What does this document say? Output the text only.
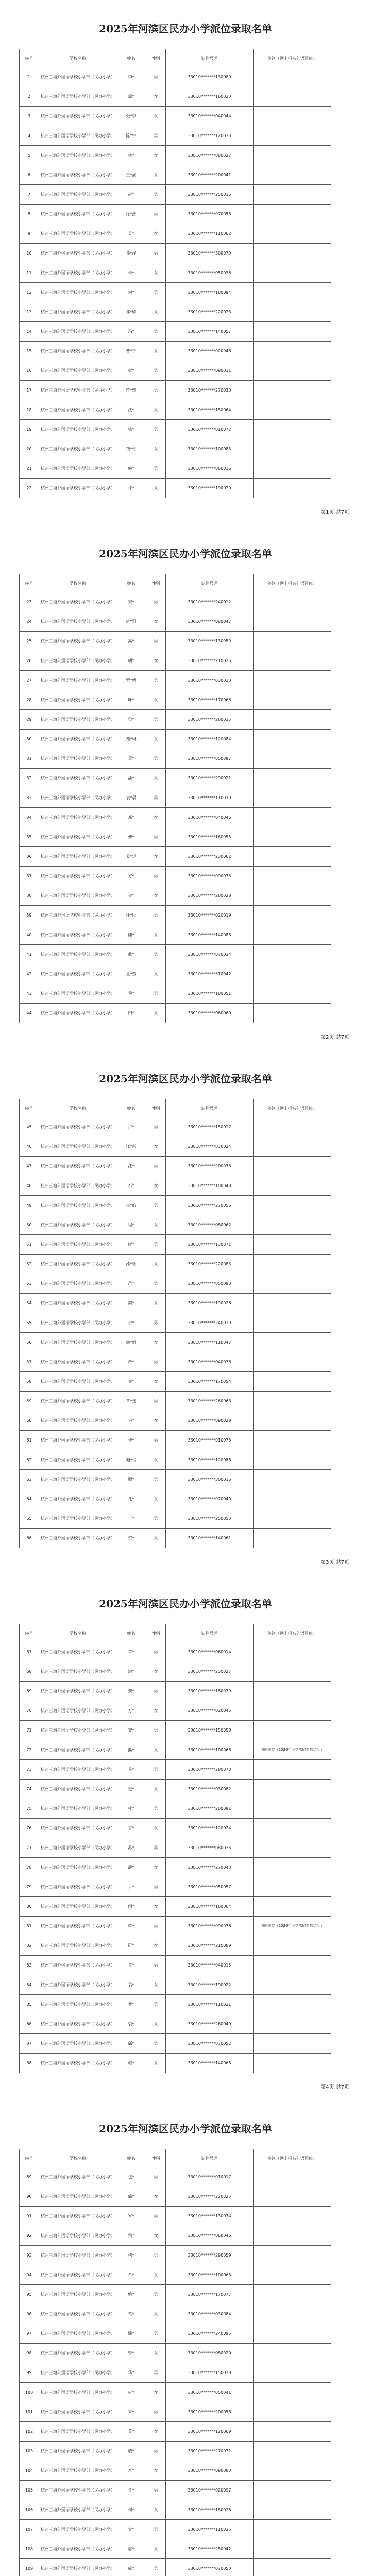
2025年河滨区民办小学派位录取名单
序号	学校名称	姓名	性别	证件号码	备注（网上报名外语派位）
1	杭州三塘外国语学校小学部（民办小学）	李*	男	33010*******130089	
2	杭州三塘外国语学校小学部（民办小学）	周*	女	33010*******160020	
3	杭州三塘外国语学校小学部（民办小学）	张*琪	女	33010*******040044	
4	杭州三塘外国语学校小学部（民办小学）	陈*宇	男	33010*******120033	
5	杭州三塘外国语学校小学部（民办小学）	林*	女	33010*******080027	
6	杭州三塘外国语学校小学部（民办小学）	王*涵	女	33010*******200041	
7	杭州三塘外国语学校小学部（民办小学）	赵*	男	33010*******250015	
8	杭州三塘外国语学校小学部（民办小学）	徐*然	男	33010*******070058	
9	杭州三塘外国语学校小学部（民办小学）	吴*	女	33010*******110062	
10	杭州三塘外国语学校小学部（民办小学）	孙*泽	男	33010*******300079	
11	杭州三塘外国语学校小学部（民办小学）	朱*	女	33010*******050036	
12	杭州三塘外国语学校小学部（民办小学）	何*	男	33010*******180094	
13	杭州三塘外国语学校小学部（民办小学）	郑*欣	女	33010*******220023	
14	杭州三塘外国语学校小学部（民办小学）	冯*	男	33010*******140057	
15	杭州三塘外国语学校小学部（民办小学）	曹*宁	女	33010*******020048	
16	杭州三塘外国语学校小学部（民办小学）	彭*	男	33010*******090011	
17	杭州三塘外国语学校小学部（民办小学）	蒋*轩	男	33010*******270030	
18	杭州三塘外国语学校小学部（民办小学）	沈*	女	33010*******150064	
19	杭州三塘外国语学校小学部（民办小学）	杨*	男	33010*******010072	
20	杭州三塘外国语学校小学部（民办小学）	钱*怡	女	33010*******100085	
21	杭州三塘外国语学校小学部（民办小学）	韩*	男	33010*******060016	
22	杭州三塘外国语学校小学部（民办小学）	许*	女	33010*******190020	
第1页 共7页
2025年河滨区民办小学派位录取名单
序号	学校名称	姓名	性别	证件号码	备注（网上报名外语派位）
23	杭州三塘外国语学校小学部（民办小学）	宋*	男	33010*******240012	
24	杭州三塘外国语学校小学部（民办小学）	唐*雅	女	33010*******080047	
25	杭州三塘外国语学校小学部（民办小学）	高*	男	33010*******130059	
26	杭州三塘外国语学校小学部（民办小学）	胡*	女	33010*******210026	
27	杭州三塘外国语学校小学部（民办小学）	罗*博	男	33010*******030013	
28	杭州三塘外国语学校小学部（民办小学）	叶*	女	33010*******170068	
29	杭州三塘外国语学校小学部（民办小学）	梁*	男	33010*******260035	
30	杭州三塘外国语学校小学部（民办小学）	谢*琳	女	33010*******120084	
31	杭州三塘外国语学校小学部（民办小学）	董*	男	33010*******050097	
32	杭州三塘外国语学校小学部（民办小学）	潘*	女	33010*******290021	
33	杭州三塘外国语学校小学部（民办小学）	袁*晨	男	33010*******110030	
34	杭州三塘外国语学校小学部（民办小学）	邓*	女	33010*******040046	
35	杭州三塘外国语学校小学部（民办小学）	傅*	男	33010*******160055	
36	杭州三塘外国语学校小学部（民办小学）	姜*诺	女	33010*******230062	
37	杭州三塘外国语学校小学部（民办小学）	方*	男	33010*******090073	
38	杭州三塘外国语学校小学部（民办小学）	金*	女	33010*******280028	
39	杭州三塘外国语学校小学部（民办小学）	任*阳	男	33010*******020019	
40	杭州三塘外国语学校小学部（民办小学）	陆*	女	33010*******140086	
41	杭州三塘外国语学校小学部（民办小学）	戴*	男	33010*******070034	
42	杭州三塘外国语学校小学部（民办小学）	夏*萱	女	33010*******310042	
43	杭州三塘外国语学校小学部（民办小学）	蔡*	男	33010*******180051	
44	杭州三塘外国语学校小学部（民办小学）	田*	女	33010*******060069	
第2页 共7页
2025年河滨区民办小学派位录取名单
序号	学校名称	姓名	性别	证件号码	备注（网上报名外语派位）
45	杭州三塘外国语学校小学部（民办小学）	卢*	男	33010*******150017	
46	杭州三塘外国语学校小学部（民办小学）	江*彤	女	33010*******030024	
47	杭州三塘外国语学校小学部（民办小学）	汪*	男	33010*******200033	
48	杭州三塘外国语学校小学部（民办小学）	石*	女	33010*******100048	
49	杭州三塘外国语学校小学部（民办小学）	崔*航	男	33010*******270056	
50	杭州三塘外国语学校小学部（民办小学）	程*	女	33010*******080062	
51	杭州三塘外国语学校小学部（民办小学）	廖*	男	33010*******130071	
52	杭州三塘外国语学校小学部（民办小学）	邵*瑶	女	33010*******220085	
53	杭州三塘外国语学校小学部（民办小学）	范*	男	33010*******050090	
54	杭州三塘外国语学校小学部（民办小学）	魏*	女	33010*******190026	
55	杭州三塘外国语学校小学部（民办小学）	余*	男	33010*******240019	
56	杭州三塘外国语学校小学部（民办小学）	俞*妍	女	33010*******110047	
57	杭州三塘外国语学校小学部（民办小学）	严*	男	33010*******040038	
58	杭州三塘外国语学校小学部（民办小学）	秦*	女	33010*******170054	
59	杭州三塘外国语学校小学部（民办小学）	章*逸	男	33010*******260063	
60	杭州三塘外国语学校小学部（民办小学）	毛*	女	33010*******090029	
61	杭州三塘外国语学校小学部（民办小学）	楼*	男	33010*******010075	
62	杭州三塘外国语学校小学部（民办小学）	施*悦	女	33010*******120088	
63	杭州三塘外国语学校小学部（民办小学）	顾*	男	33010*******300016	
64	杭州三塘外国语学校小学部（民办小学）	孔*	女	33010*******070040	
65	杭州三塘外国语学校小学部（民办小学）	丁*	男	33010*******250053	
66	杭州三塘外国语学校小学部（民办小学）	贺*	女	33010*******140061	
第3页 共7页
2025年河滨区民办小学派位录取名单
序号	学校名称	姓名	性别	证件号码	备注（网上报名外语派位）
67	杭州三塘外国语学校小学部（民办小学）	常*	男	33010*******060014	
68	杭州三塘外国语学校小学部（民办小学）	洪*	女	33010*******230027	
69	杭州三塘外国语学校小学部（民办小学）	龚*	男	33010*******180039	
70	杭州三塘外国语学校小学部（民办小学）	万*	女	33010*******020045	
71	杭州三塘外国语学校小学部（民办小学）	黎*	男	33010*******150058	
72	杭州三塘外国语学校小学部（民办小学）	熊*	女	33010*******100066	同胞派位（2026年小学部招生第二批）
73	杭州三塘外国语学校小学部（民办小学）	易*	男	33010*******280073	
74	杭州三塘外国语学校小学部（民办小学）	史*	女	33010*******030082	
75	杭州三塘外国语学校小学部（民办小学）	杜*	男	33010*******200091	
76	杭州三塘外国语学校小学部（民办小学）	雷*	女	33010*******120024	
77	杭州三塘外国语学校小学部（民办小学）	苏*	男	33010*******080036	
78	杭州三塘外国语学校小学部（民办小学）	薛*	女	33010*******270043	
79	杭州三塘外国语学校小学部（民办小学）	尹*	男	33010*******050057	
80	杭州三塘外国语学校小学部（民办小学）	闫*	女	33010*******160064	
81	杭州三塘外国语学校小学部（民办小学）	蒋*	男	33010*******090078	同胞派位（2026年小学部招生第二批）
82	杭州三塘外国语学校小学部（民办小学）	阮*	女	33010*******210089	
83	杭州三塘外国语学校小学部（民办小学）	童*	男	33010*******040015	
84	杭州三塘外国语学校小学部（民办小学）	翁*	女	33010*******190022	
85	杭州三塘外国语学校小学部（民办小学）	费*	男	33010*******110031	
86	杭州三塘外国语学校小学部（民办小学）	裘*	女	33010*******260049	
87	杭州三塘外国语学校小学部（民办小学）	邱*	男	33010*******070052	
88	杭州三塘外国语学校小学部（民办小学）	骆*	女	33010*******140068	
第4页 共7页
2025年河滨区民办小学派位录取名单
序号	学校名称	姓名	性别	证件号码	备注（网上报名外语派位）
89	杭州三塘外国语学校小学部（民办小学）	包*	男	33010*******010017	
90	杭州三塘外国语学校小学部（民办小学）	储*	女	33010*******220025	
91	杭州三塘外国语学校小学部（民办小学）	岑*	男	33010*******130034	
92	杭州三塘外国语学校小学部（民办小学）	柴*	女	33010*******060046	
93	杭州三塘外国语学校小学部（民办小学）	褚*	男	33010*******290059	
94	杭州三塘外国语学校小学部（民办小学）	单*	女	33010*******100063	
95	杭州三塘外国语学校小学部（民办小学）	鲍*	男	33010*******170077	
96	杭州三塘外国语学校小学部（民办小学）	葛*	女	33010*******030084	
97	杭州三塘外国语学校小学部（民办小学）	滕*	男	33010*******240095	
98	杭州三塘外国语学校小学部（民办小学）	管*	女	33010*******080020	
99	杭州三塘外国语学校小学部（民办小学）	华*	男	33010*******150038	
100	杭州三塘外国语学校小学部（民办小学）	应*	女	33010*******050041	
101	杭州三塘外国语学校小学部（民办小学）	来*	男	33010*******200056	
102	杭州三塘外国语学校小学部（民办小学）	莫*	女	33010*******120069	
103	杭州三塘外国语学校小学部（民办小学）	戚*	男	33010*******270071	
104	杭州三塘外国语学校小学部（民办小学）	寿*	女	33010*******090083	
105	杭州三塘外国语学校小学部（民办小学）	鲁*	男	33010*******020097	
106	杭州三塘外国语学校小学部（民办小学）	柯*	女	33010*******180028	
107	杭州三塘外国语学校小学部（民办小学）	甘*	男	33010*******110035	
108	杭州三塘外国语学校小学部（民办小学）	屠*	女	33010*******250042	
109	杭州三塘外国语学校小学部（民办小学）	虞*	男	33010*******070050	
